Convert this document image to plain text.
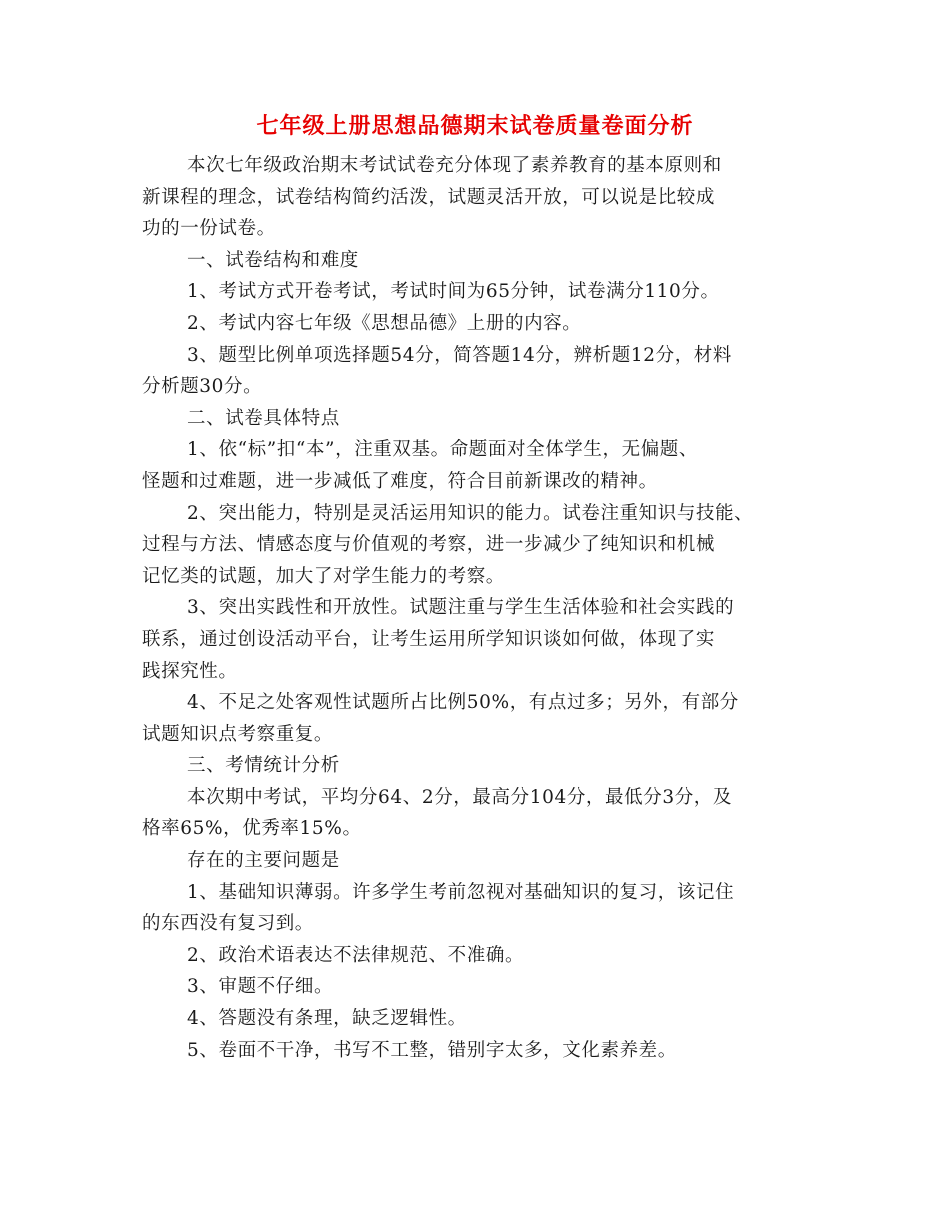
七年级上册思想品德期末试卷质量卷面分析
本次七年级政治期末考试试卷充分体现了素养教育的基本原则和
新课程的理念，试卷结构简约活泼，试题灵活开放，可以说是比较成
功的一份试卷。
一、试卷结构和难度
1、考试方式开卷考试，考试时间为65分钟，试卷满分110分。
2、考试内容七年级《思想品德》上册的内容。
3、题型比例单项选择题54分，简答题14分，辨析题12分，材料
分析题30分。
二、试卷具体特点
1、依“标”扣“本”，注重双基。命题面对全体学生，无偏题、
怪题和过难题，进一步减低了难度，符合目前新课改的精神。
2、突出能力，特别是灵活运用知识的能力。试卷注重知识与技能、
过程与方法、情感态度与价值观的考察，进一步减少了纯知识和机械
记忆类的试题，加大了对学生能力的考察。
3、突出实践性和开放性。试题注重与学生生活体验和社会实践的
联系，通过创设活动平台，让考生运用所学知识谈如何做，体现了实
践探究性。
4、不足之处客观性试题所占比例50%，有点过多；另外，有部分
试题知识点考察重复。
三、考情统计分析
本次期中考试，平均分64、2分，最高分104分，最低分3分，及
格率65%，优秀率15%。
存在的主要问题是
1、基础知识薄弱。许多学生考前忽视对基础知识的复习，该记住
的东西没有复习到。
2、政治术语表达不法律规范、不准确。
3、审题不仔细。
4、答题没有条理，缺乏逻辑性。
5、卷面不干净，书写不工整，错别字太多，文化素养差。
